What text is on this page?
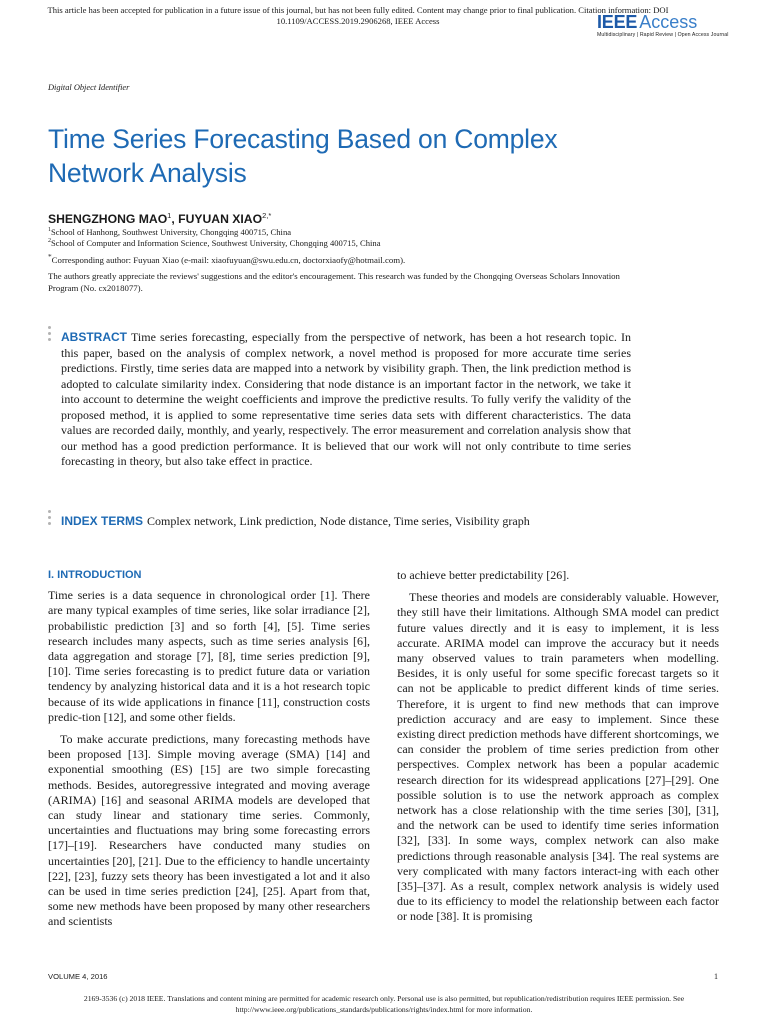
This article has been accepted for publication in a future issue of this journal, but has not been fully edited. Content may change prior to final publication. Citation information: DOI
10.1109/ACCESS.2019.2906268, IEEE Access	IEEE Access
Multidisciplinary | Rapid Review | Open Access Journal
Digital Object Identifier
Time Series Forecasting Based on Complex Network Analysis
SHENGZHONG MAO$^1$, FUYUAN $XIAO^{2,*}$
$^1$School of Hanhong, Southwest University, Chongqing 400715, China
$^2$School of Computer and Information Science, Southwest University, Chongqing 400715, China
*Corresponding author: Fuyuan Xiao (e-mail: xiaofuyuan@swu.edu.cn, doctorxiaofy@hotmail.com).
The authors greatly appreciate the reviews' suggestions and the editor's encouragement. This research was funded by the Chongqing Overseas Scholars Innovation Program (No. cx2018077).
ABSTRACT Time series forecasting, especially from the perspective of network, has been a hot research topic. In this paper, based on the analysis of complex network, a novel method is proposed for more accurate time series predictions. Firstly, time series data are mapped into a network by visibility graph. Then, the link prediction method is adopted to calculate similarity index. Considering that node distance is an important factor in the network, we take it into account to determine the weight coefficients and improve the predictive results. To fully verify the validity of the proposed method, it is applied to some representative time series data sets with different characteristics. The data values are recorded daily, monthly, and yearly, respectively. The error measurement and correlation analysis show that our method has a good prediction performance. It is believed that our work will not only contribute to time series forecasting in theory, but also take effect in practice.
INDEX TERMS Complex network, Link prediction, Node distance, Time series, Visibility graph
I. INTRODUCTION

Time series is a data sequence in chronological order [1]. There are many typical examples of time series, like solar irradiance [2], probabilistic prediction [3] and so forth [4], [5]. Time series research includes many aspects, such as time series analysis [6], data aggregation and storage [7], [8], time series prediction [9], [10]. Time series forecasting is to predict future data or variation tendency by analyzing historical data and it is a hot research topic because of its wide applications in finance [11], construction costs predic-tion [12], and some other fields.

To make accurate predictions, many forecasting methods have been proposed [13]. Simple moving average (SMA) [14] and exponential smoothing (ES) [15] are two simple forecasting methods. Besides, autoregressive integrated and moving average (ARIMA) [16] and seasonal ARIMA models are developed that can study linear and stationary time series. Commonly, uncertainties and fluctuations may bring some forecasting errors [17]–[19]. Researchers have conducted many studies on uncertainties [20], [21]. Due to the efficiency to handle uncertainty [22], [23], fuzzy sets theory has been investigated a lot and it also can be used in time series prediction [24], [25]. Apart from that, some new methods have been proposed by many other researchers and scientists

to achieve better predictability [26].

These theories and models are considerably valuable. However, they still have their limitations. Although SMA model can predict future values directly and it is easy to implement, it is less accurate. ARIMA model can improve the accuracy but it needs many observed values to train parameters when modelling. Besides, it is only useful for some specific forecast targets so it can not be applicable to predict different kinds of time series. Therefore, it is urgent to find new methods that can improve prediction accuracy and are easy to implement. Since these existing direct prediction methods have different shortcomings, we can consider the problem of time series prediction from other perspectives. Complex network has been a popular academic research direction for its widespread applications [27]–[29]. One possible solution is to use the network approach as complex network has a close relationship with the time series [30], [31], and the network can be used to identify time series information [32], [33]. In some ways, complex network can also make predictions through reasonable analysis [34]. The real systems are very complicated with many factors interact-ing with each other [35]–[37]. As a result, complex network analysis is widely used due to its efficiency to model the relationship between each factor or node [38]. It is promising

VOLUME 4, 2016	1
2169-3536 (c) 2018 IEEE. Translations and content mining are permitted for academic research only. Personal use is also permitted, but republication/redistribution requires IEEE permission. See
http://www.ieee.org/publications_standards/publications/rights/index.html for more information.
